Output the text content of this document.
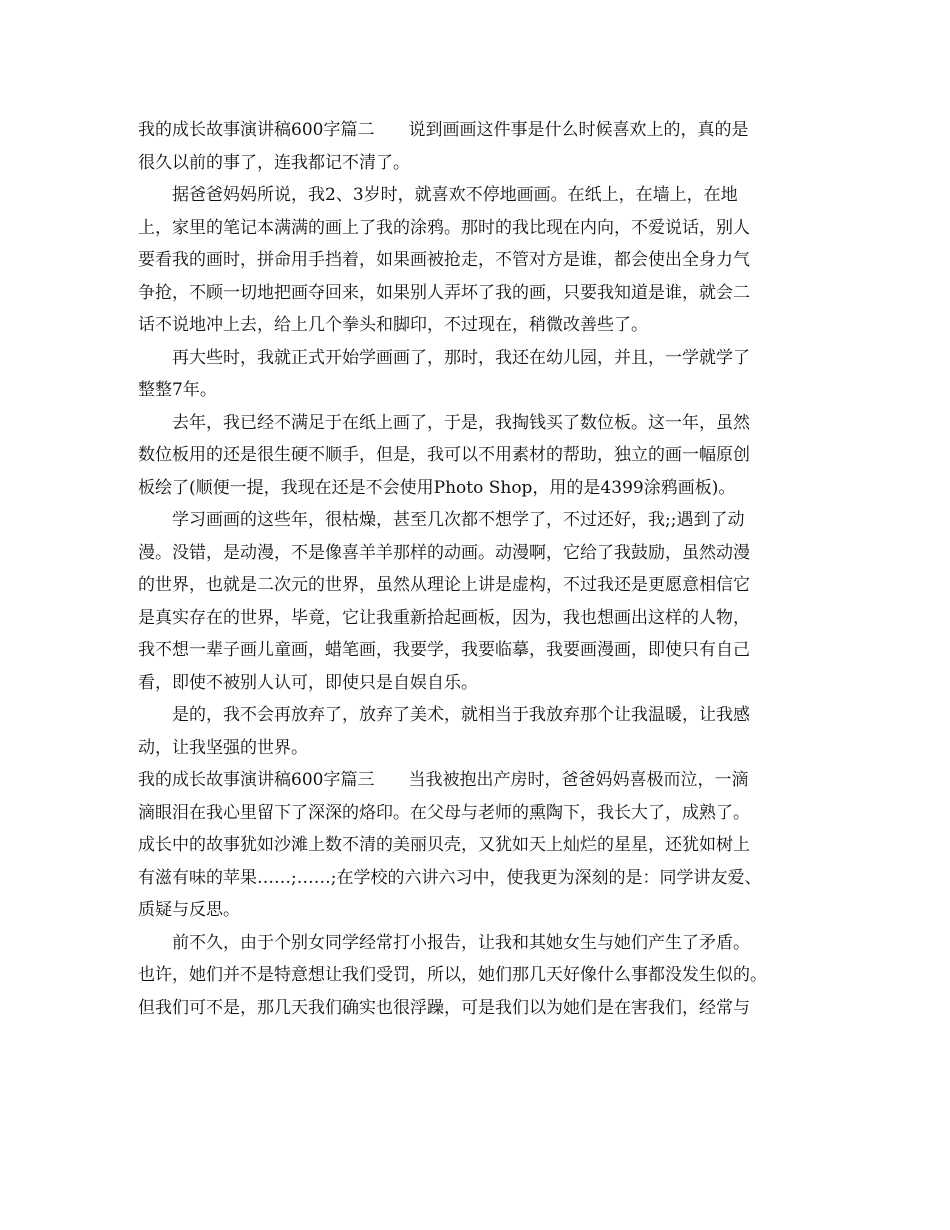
我的成长故事演讲稿600字篇二　　说到画画这件事是什么时候喜欢上的，真的是
很久以前的事了，连我都记不清了。
　　据爸爸妈妈所说，我2、3岁时，就喜欢不停地画画。在纸上，在墙上，在地
上，家里的笔记本满满的画上了我的涂鸦。那时的我比现在内向，不爱说话，别人
要看我的画时，拼命用手挡着，如果画被抢走，不管对方是谁，都会使出全身力气
争抢，不顾一切地把画夺回来，如果别人弄坏了我的画，只要我知道是谁，就会二
话不说地冲上去，给上几个拳头和脚印，不过现在，稍微改善些了。
　　再大些时，我就正式开始学画画了，那时，我还在幼儿园，并且，一学就学了
整整7年。
　　去年，我已经不满足于在纸上画了，于是，我掏钱买了数位板。这一年，虽然
数位板用的还是很生硬不顺手，但是，我可以不用素材的帮助，独立的画一幅原创
板绘了(顺便一提，我现在还是不会使用Photo Shop，用的是4399涂鸦画板)。
　　学习画画的这些年，很枯燥，甚至几次都不想学了，不过还好，我;;遇到了动
漫。没错，是动漫，不是像喜羊羊那样的动画。动漫啊，它给了我鼓励，虽然动漫
的世界，也就是二次元的世界，虽然从理论上讲是虚构，不过我还是更愿意相信它
是真实存在的世界，毕竟，它让我重新拾起画板，因为，我也想画出这样的人物，
我不想一辈子画儿童画，蜡笔画，我要学，我要临摹，我要画漫画，即使只有自己
看，即使不被别人认可，即使只是自娱自乐。
　　是的，我不会再放弃了，放弃了美术，就相当于我放弃那个让我温暖，让我感
动，让我坚强的世界。
我的成长故事演讲稿600字篇三　　当我被抱出产房时，爸爸妈妈喜极而泣，一滴
滴眼泪在我心里留下了深深的烙印。在父母与老师的熏陶下，我长大了，成熟了。
成长中的故事犹如沙滩上数不清的美丽贝壳，又犹如天上灿烂的星星，还犹如树上
有滋有味的苹果……;……;在学校的六讲六习中，使我更为深刻的是：同学讲友爱、
质疑与反思。
　　前不久，由于个别女同学经常打小报告，让我和其她女生与她们产生了矛盾。
也许，她们并不是特意想让我们受罚，所以，她们那几天好像什么事都没发生似的。
但我们可不是，那几天我们确实也很浮躁，可是我们以为她们是在害我们，经常与
